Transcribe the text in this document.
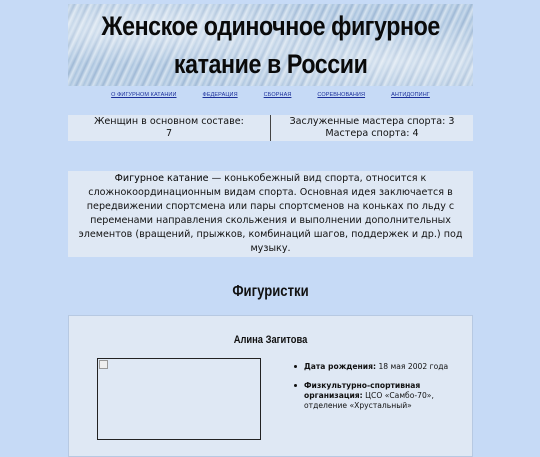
Женское одиночное фигурное
катание в России
О ФИГУРНОМ КАТАНИИ	ФЕДЕРАЦИЯ	СБОРНАЯ	СОРЕВНОВАНИЯ	АНТИДОПИНГ
Женщин в основном составе:
7
Заслуженные мастера спорта: 3
Мастера спорта: 4
Фигурное катание — конькобежный вид спорта, относится к сложнокоординационным видам спорта. Основная идея заключается в передвижении спортсмена или пары спортсменов на коньках по льду с переменами направления скольжения и выполнении дополнительных элементов (вращений, прыжков, комбинаций шагов, поддержек и др.) под музыку.
Фигуристки
Алина Загитова
Дата рождения: 18 мая 2002 года
Физкультурно-спортивная организация: ЦСО «Самбо-70», отделение «Хрустальный»
